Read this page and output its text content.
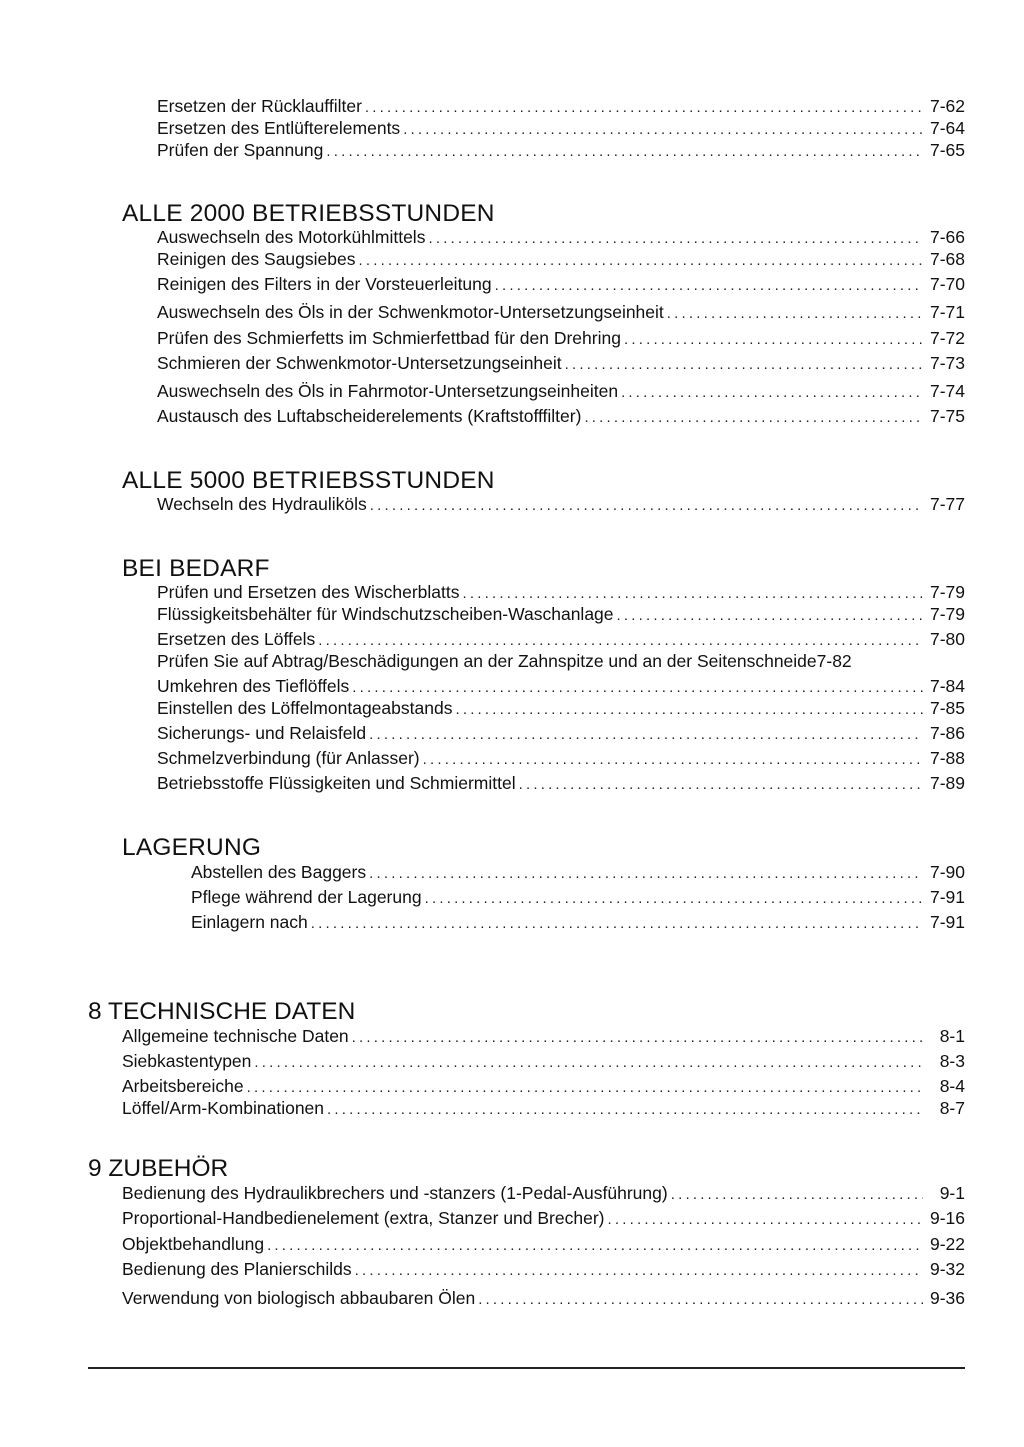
Ersetzen der Rücklauffilter .....	7-62
Ersetzen des Entlüfterelements .....	7-64
Prüfen der Spannung .....	7-65
ALLE 2000 BETRIEBSSTUNDEN
Auswechseln des Motorkühlmittels .....	7-66
Reinigen des Saugsiebes .....	7-68
Reinigen des Filters in der Vorsteuerleitung .....	7-70
Auswechseln des Öls in der Schwenkmotor-Untersetzungseinheit .....	7-71
Prüfen des Schmierfetts im Schmierfettbad für den Drehring .....	7-72
Schmieren der Schwenkmotor-Untersetzungseinheit .....	7-73
Auswechseln des Öls in Fahrmotor-Untersetzungseinheiten .....	7-74
Austausch des Luftabscheiderelements (Kraftstofffilter) .....	7-75
ALLE 5000 BETRIEBSSTUNDEN
Wechseln des Hydrauliköls .....	7-77
BEI BEDARF
Prüfen und Ersetzen des Wischerblatts .....	7-79
Flüssigkeitsbehälter für Windschutzscheiben-Waschanlage .....	7-79
Ersetzen des Löffels .....	7-80
Prüfen Sie auf Abtrag/Beschädigungen an der Zahnspitze und an der Seitenschneide 7-82
Umkehren des Tieflöffels .....	7-84
Einstellen des Löffelmontageabstands .....	7-85
Sicherungs- und Relaisfeld .....	7-86
Schmelzverbindung (für Anlasser) .....	7-88
Betriebsstoffe Flüssigkeiten und Schmiermittel .....	7-89
LAGERUNG
Abstellen des Baggers .....	7-90
Pflege während der Lagerung .....	7-91
Einlagern nach .....	7-91
8 TECHNISCHE DATEN
Allgemeine technische Daten .....	8-1
Siebkastentypen .....	8-3
Arbeitsbereiche .....	8-4
Löffel/Arm-Kombinationen .....	8-7
9 ZUBEHÖR
Bedienung des Hydraulikbrechers und -stanzers (1-Pedal-Ausführung) .....	9-1
Proportional-Handbedienelement (extra, Stanzer und Brecher) .....	9-16
Objektbehandlung .....	9-22
Bedienung des Planierschilds .....	9-32
Verwendung von biologisch abbaubaren Ölen .....	9-36
